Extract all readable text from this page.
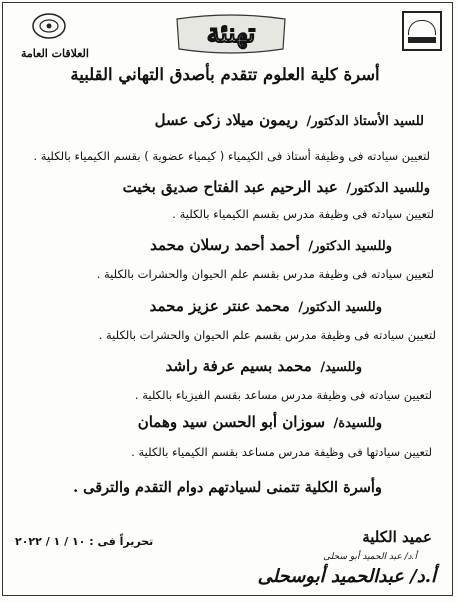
العلاقات العامة
تهنئة
أسرة كلية العلوم تتقدم بأصدق التهاني القلبية
للسيد الأستاذ الدكتور/ ريمون ميلاد زكى عسل
لتعيين سيادته فى وظيفة أستاذ فى الكيمياء ( كيمياء عضوية ) بقسم الكيمياء بالكلية .
وللسيد الدكتور/ عبد الرحيم عبد الفتاح صديق بخيت
لتعيين سيادته فى وظيفة مدرس بقسم الكيمياء بالكلية .
وللسيد الدكتور/ أحمد أحمد رسلان محمد
لتعيين سيادته فى وظيفة مدرس بقسم علم الحيوان والحشرات بالكلية .
وللسيد الدكتور/ محمد عنتر عزيز محمد
لتعيين سيادته فى وظيفة مدرس بقسم علم الحيوان والحشرات بالكلية .
وللسيد/ محمد بسيم عرفة راشد
لتعيين سيادته فى وظيفة مدرس مساعد بقسم الفيزياء بالكلية .
وللسيدة/ سوزان أبو الحسن سيد وهمان
لتعيين سيادتها فى وظيفة مدرس مساعد بقسم الكيمياء بالكلية .
وأسرة الكلية تتمنى لسيادتهم دوام التقدم والترقى .
تحريراً فى : ١٠ / ١ / ٢٠٢٢	عميد الكلية
أ.د/ عبد الحميد أبو سحلى
أ.د/ عبدالحميد أبوسحلى
